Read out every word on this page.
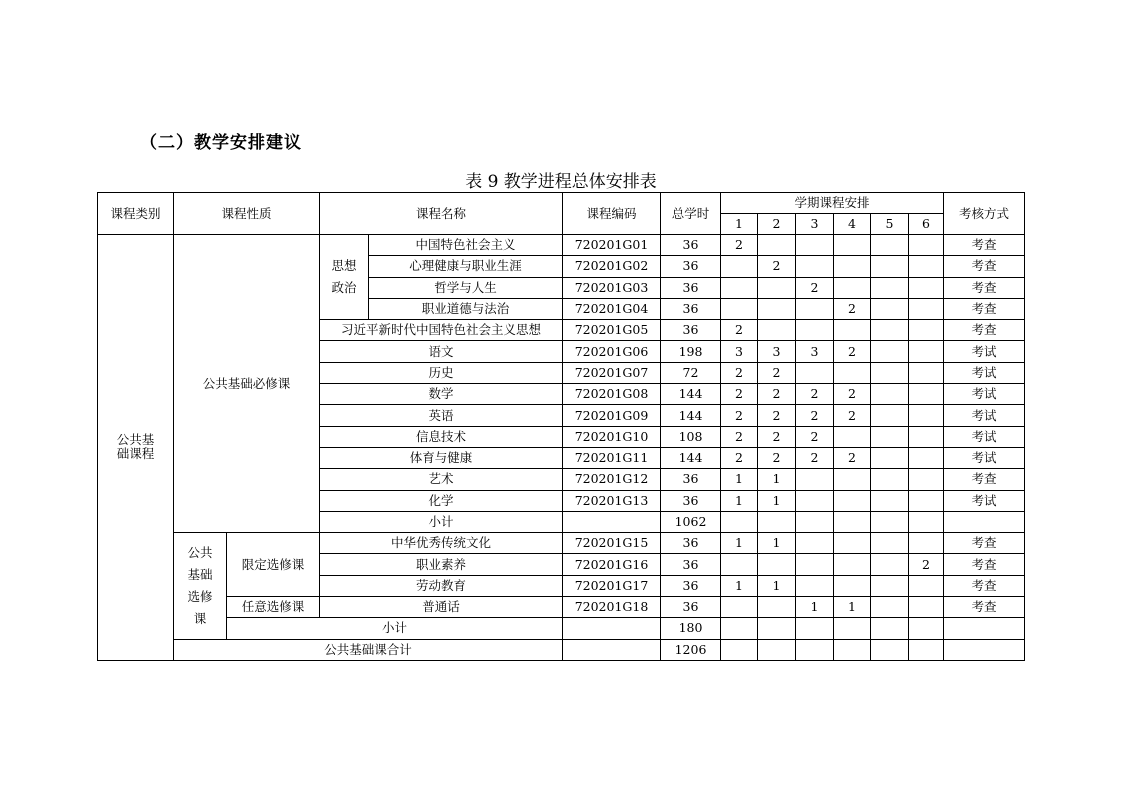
（二）教学安排建议
表 9 教学进程总体安排表
课程类别	课程性质		课程名称		课程编码	总学时	学期课程安排						考核方式
							1	2	3	4	5	6	
公共基础课程	公共基础必修课		思想政治	中国特色社会主义	720201G01	36	2						考查
				心理健康与职业生涯	720201G02	36		2					考查
				哲学与人生	720201G03	36			2				考查
				职业道德与法治	720201G04	36				2			考查
			习近平新时代中国特色社会主义思想		720201G05	36	2						考查
			语文		720201G06	198	3	3	3	2			考试
			历史		720201G07	72	2	2					考试
			数学		720201G08	144	2	2	2	2			考试
			英语		720201G09	144	2	2	2	2			考试
			信息技术		720201G10	108	2	2	2				考试
			体育与健康		720201G11	144	2	2	2	2			考试
			艺术		720201G12	36	1	1					考查
			化学		720201G13	36	1	1					考试
			小计			1062							
	公共基础选修课	限定选修课	中华优秀传统文化		720201G15	36	1	1					考查
			职业素养		720201G16	36						2	考查
			劳动教育		720201G17	36	1	1					考查
		任意选修课	普通话		720201G18	36			1	1			考查
		小计				180							
	公共基础课合计					1206							
